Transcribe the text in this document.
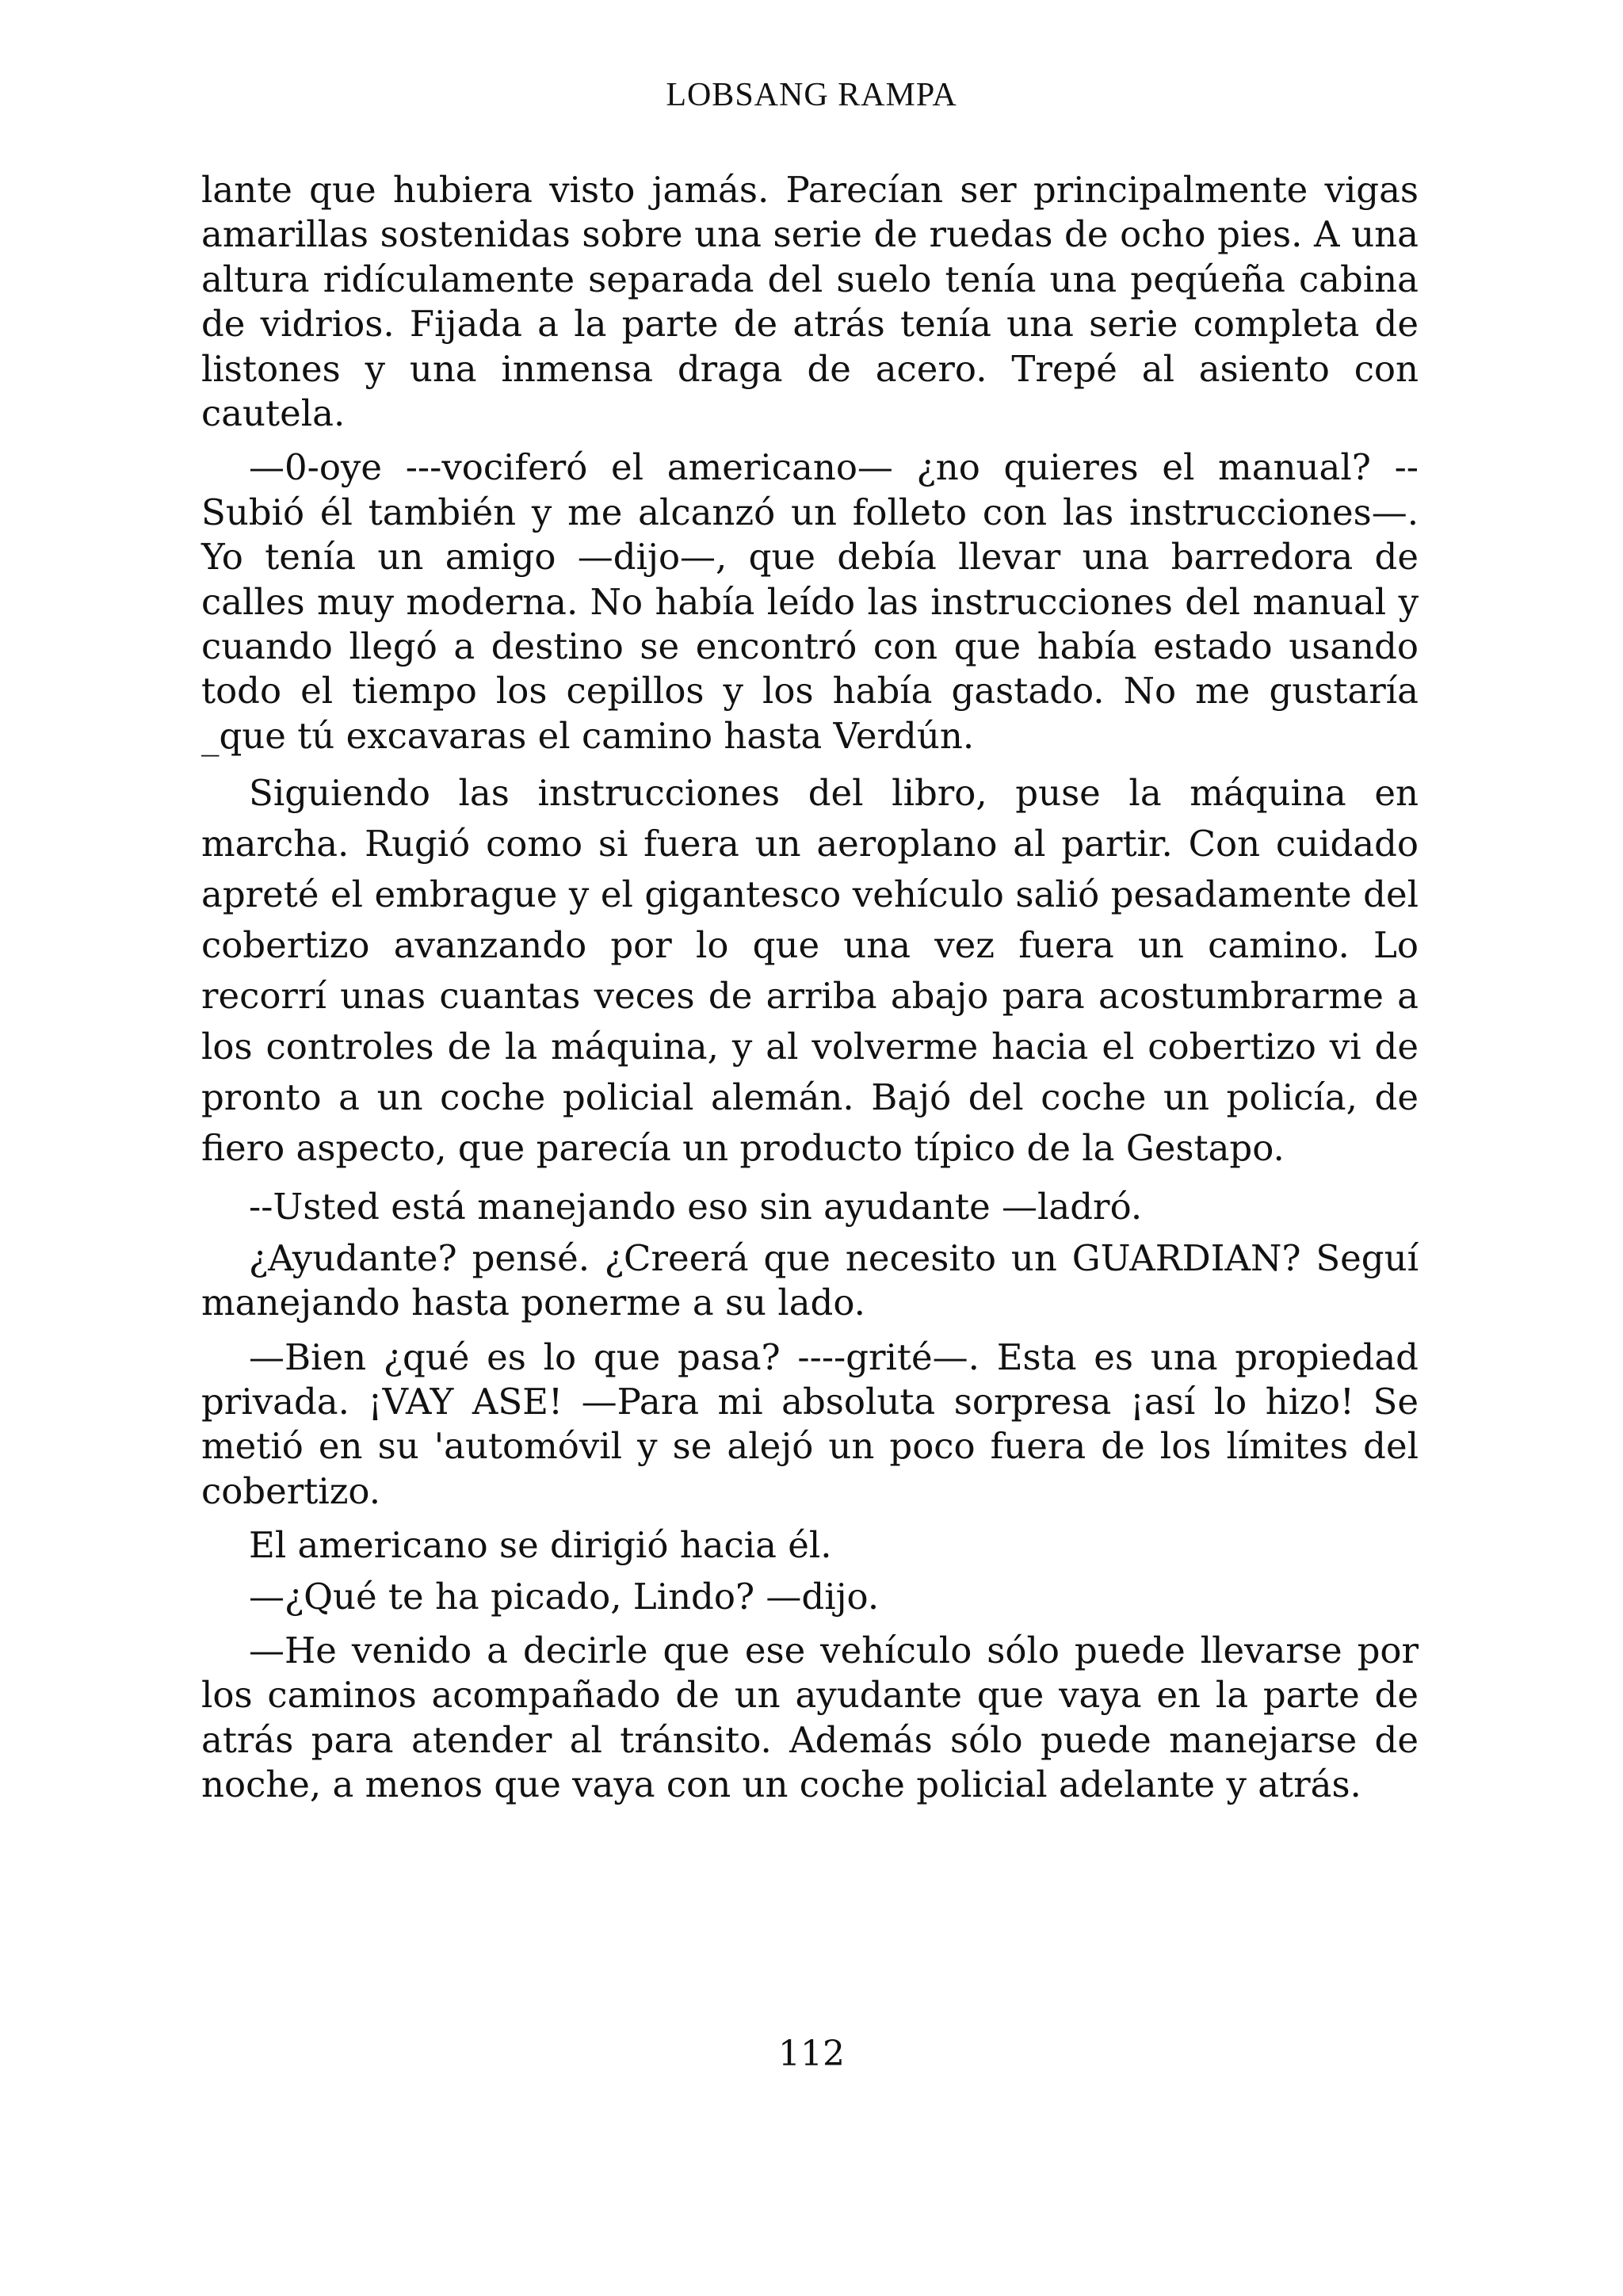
LOBSANG RAMPA

lante que hubiera visto jamás. Parecían ser principalmente vigas amarillas sostenidas sobre una serie de ruedas de ocho pies. A una altura ridículamente separada del suelo tenía una peqúeña cabina de vidrios. Fijada a la parte de atrás tenía una serie completa de listones y una inmensa draga de acero. Trepé al asiento con cautela.

—0-oye ---vociferó el americano— ¿no quieres el manual? --Subió él también y me alcanzó un folleto con las instrucciones—. Yo tenía un amigo —dijo—, que debía llevar una barredora de calles muy moderna. No había leído las instrucciones del manual y cuando llegó a destino se encontró con que había estado usando todo el tiempo los cepillos y los había gastado. No me gustaría _que tú excavaras el camino hasta Verdún.

Siguiendo las instrucciones del libro, puse la máquina en marcha. Rugió como si fuera un aeroplano al partir. Con cuidado apreté el embrague y el gigantesco vehículo salió pesadamente del cobertizo avanzando por lo que una vez fuera un camino. Lo recorrí unas cuantas veces de arriba abajo para acostumbrarme a los controles de la máquina, y al volverme hacia el cobertizo vi de pronto a un coche policial alemán. Bajó del coche un policía, de fiero aspecto, que parecía un producto típico de la Gestapo.

--Usted está manejando eso sin ayudante —ladró.

¿Ayudante? pensé. ¿Creerá que necesito un GUARDIAN? Seguí manejando hasta ponerme a su lado.

—Bien ¿qué es lo que pasa? ----grité—. Esta es una propiedad privada. ¡VAY ASE! —Para mi absoluta sorpresa ¡así lo hizo! Se metió en su 'automóvil y se alejó un poco fuera de los límites del cobertizo.

El americano se dirigió hacia él.

—¿Qué te ha picado, Lindo? —dijo.

—He venido a decirle que ese vehículo sólo puede llevarse por los caminos acompañado de un ayudante que vaya en la parte de atrás para atender al tránsito. Además sólo puede manejarse de noche, a menos que vaya con un coche policial adelante y atrás.

112
